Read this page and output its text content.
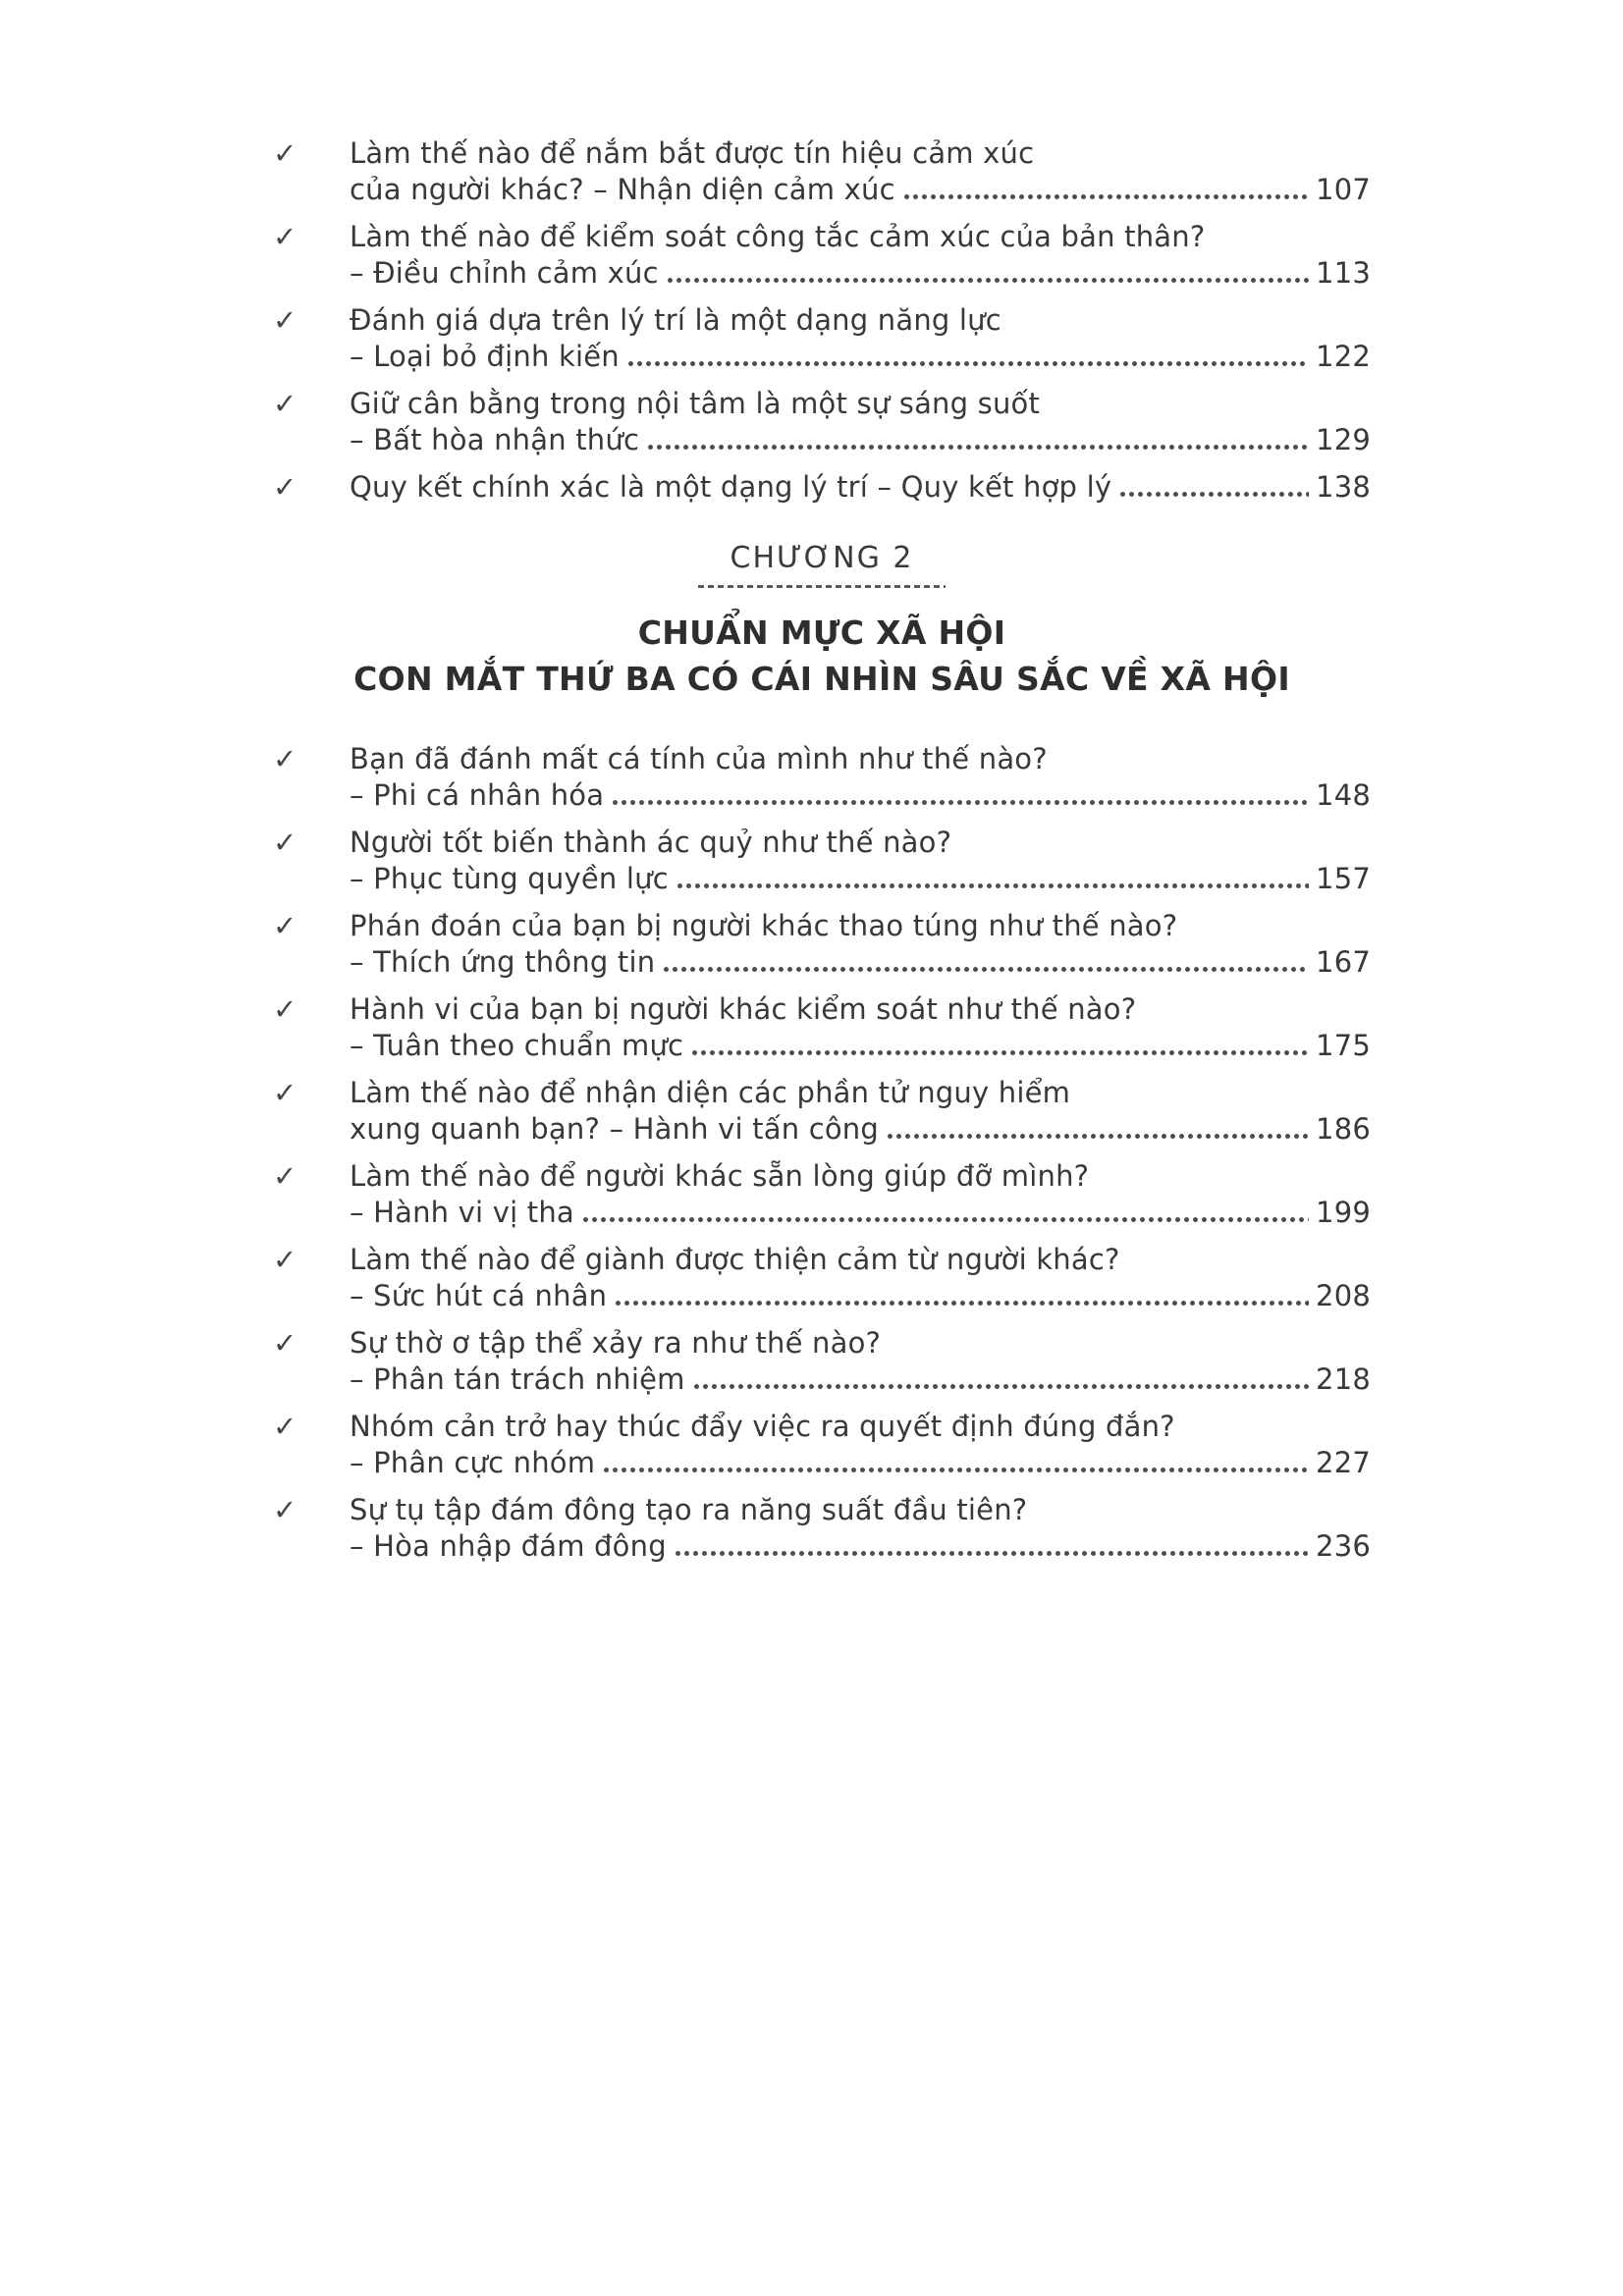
✓	Làm thế nào để nắm bắt được tín hiệu cảm xúc
của người khác? – Nhận diện cảm xúc	107
✓	Làm thế nào để kiểm soát công tắc cảm xúc của bản thân?
– Điều chỉnh cảm xúc	113
✓	Đánh giá dựa trên lý trí là một dạng năng lực
– Loại bỏ định kiến	122
✓	Giữ cân bằng trong nội tâm là một sự sáng suốt
– Bất hòa nhận thức	129
✓	Quy kết chính xác là một dạng lý trí – Quy kết hợp lý	138
CHƯƠNG 2
CHUẨN MỰC XÃ HỘI
CON MẮT THỨ BA CÓ CÁI NHÌN SÂU SẮC VỀ XÃ HỘI
✓	Bạn đã đánh mất cá tính của mình như thế nào?
– Phi cá nhân hóa	148
✓	Người tốt biến thành ác quỷ như thế nào?
– Phục tùng quyền lực	157
✓	Phán đoán của bạn bị người khác thao túng như thế nào?
– Thích ứng thông tin	167
✓	Hành vi của bạn bị người khác kiểm soát như thế nào?
– Tuân theo chuẩn mực	175
✓	Làm thế nào để nhận diện các phần tử nguy hiểm
xung quanh bạn? – Hành vi tấn công	186
✓	Làm thế nào để người khác sẵn lòng giúp đỡ mình?
– Hành vi vị tha	199
✓	Làm thế nào để giành được thiện cảm từ người khác?
– Sức hút cá nhân	208
✓	Sự thờ ơ tập thể xảy ra như thế nào?
– Phân tán trách nhiệm	218
✓	Nhóm cản trở hay thúc đẩy việc ra quyết định đúng đắn?
– Phân cực nhóm	227
✓	Sự tụ tập đám đông tạo ra năng suất đầu tiên?
– Hòa nhập đám đông	236
